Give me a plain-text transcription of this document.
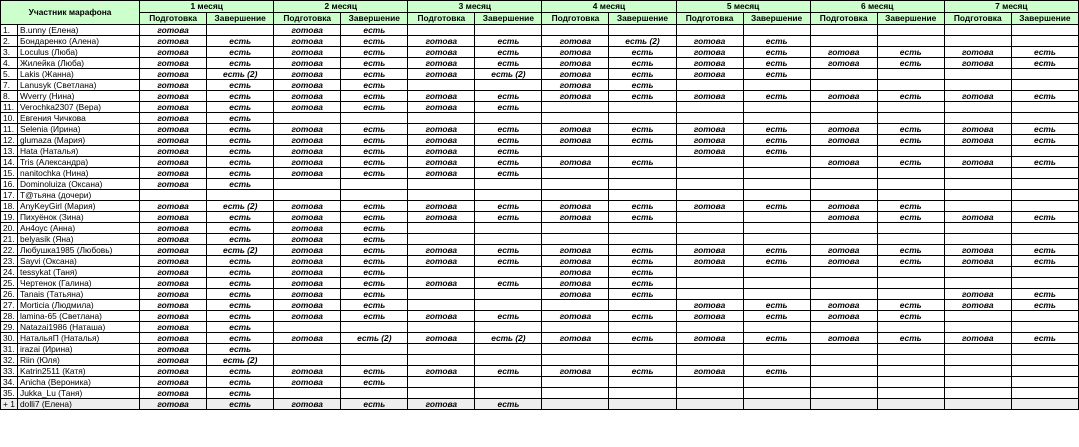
Участник марафона		1 месяц		2 месяц		3 месяц		4 месяц		5 месяц		6 месяц		7 месяц	
		Подготовка	Завершение	Подготовка	Завершение	Подготовка	Завершение	Подготовка	Завершение	Подготовка	Завершение	Подготовка	Завершение	Подготовка	Завершение
1.	B.unny (Елена)	готова		готова	есть										
2.	Бондаренко (Алена)	готова	есть	готова	есть	готова	есть	готова	есть (2)	готова	есть				
3.	Loculus (Люба)	готова	есть	готова	есть	готова	есть	готова	есть	готова	есть	готова	есть	готова	есть
4.	Жилейка (Люба)	готова	есть	готова	есть	готова	есть	готова	есть	готова	есть	готова	есть	готова	есть
5.	Lakis (Жанна)	готова	есть (2)	готова	есть	готова	есть (2)	готова	есть	готова	есть				
7.	Lanusyk (Светлана)	готова	есть	готова	есть			готова	есть						
8.	Wverry (Нина)	готова	есть	готова	есть	готова	есть	готова	есть	готова	есть	готова	есть	готова	есть
11.	Verochka2307 (Вера)	готова	есть	готова	есть	готова	есть								
10.	Евгения Чичкова	готова	есть												
11.	Selenia (Ирина)	готова	есть	готова	есть	готова	есть	готова	есть	готова	есть	готова	есть	готова	есть
12.	glumaza (Мария)	готова	есть	готова	есть	готова	есть	готова	есть	готова	есть	готова	есть	готова	есть
13.	Hata (Наталья)	готова	есть	готова	есть	готова	есть			готова	есть				
14.	Tris (Александра)	готова	есть	готова	есть	готова	есть	готова	есть			готова	есть	готова	есть
15.	nanitochka (Нина)	готова	есть	готова	есть	готова	есть								
16.	Dominoluiza (Оксана)	готова	есть												
17.	T@тьяна (дочери)														
18.	AnyKeyGirl (Мария)	готова	есть (2)	готова	есть	готова	есть	готова	есть	готова	есть	готова	есть		
19.	Пихуёнок (Зина)	готова	есть	готова	есть	готова	есть	готова	есть			готова	есть	готова	есть
20.	Ан4оус (Анна)	готова	есть	готова	есть										
21.	belyasik (Яна)	готова	есть	готова	есть										
22.	Любушка1985 (Любовь)	готова	есть (2)	готова	есть	готова	есть	готова	есть	готова	есть	готова	есть	готова	есть
23.	Sayvi (Оксана)	готова	есть	готова	есть	готова	есть	готова	есть	готова	есть	готова	есть	готова	есть
24.	tessykat (Таня)	готова	есть	готова	есть			готова	есть						
25.	Чертенок (Галина)	готова	есть	готова	есть	готова	есть	готова	есть						
26.	Tanais (Татьяна)	готова	есть	готова	есть			готова	есть					готова	есть
27.	Morticia (Людмила)	готова	есть	готова	есть					готова	есть	готова	есть	готова	есть
28.	lamina-65 (Светлана)	готова	есть	готова	есть	готова	есть	готова	есть	готова	есть	готова	есть		
29.	Natazai1986 (Наташа)	готова	есть												
30.	НатальяП (Наталья)	готова	есть	готова	есть (2)	готова	есть (2)	готова	есть	готова	есть	готова	есть	готова	есть
31.	irazai (Ирина)	готова	есть												
32.	Riin (Юля)	готова	есть (2)												
33.	Katrin2511 (Катя)	готова	есть	готова	есть	готова	есть	готова	есть	готова	есть				
34.	Anicha (Вероника)	готова	есть	готова	есть										
35.	Jukka_Lu (Таня)	готова	есть												
+ 1	dolli7 (Елена)	готова	есть	готова	есть	готова	есть								
